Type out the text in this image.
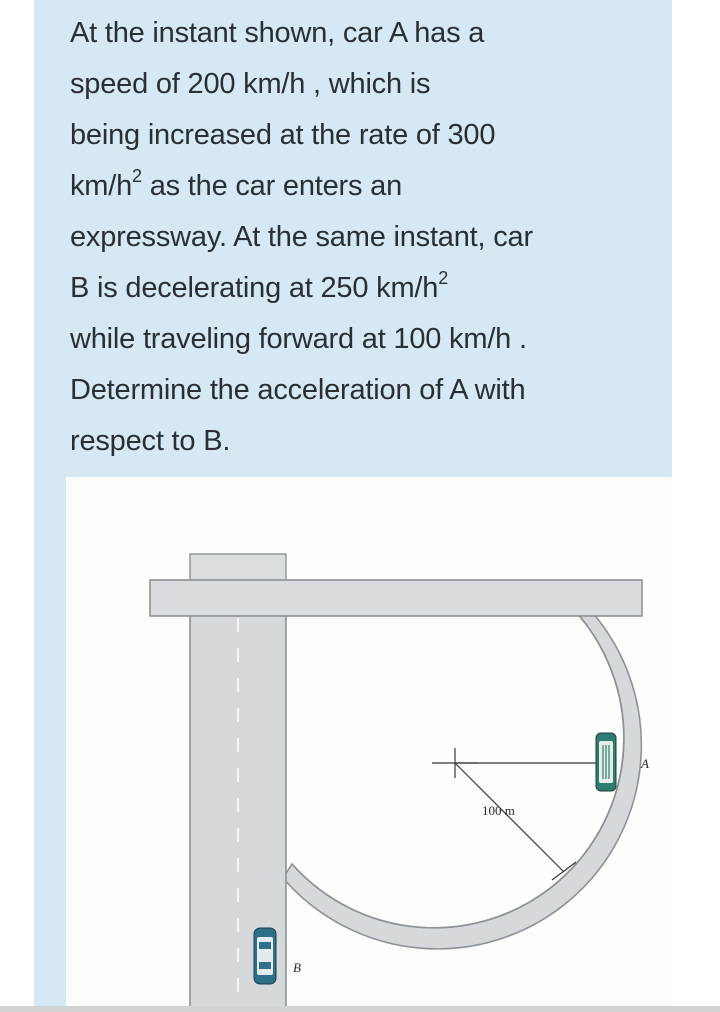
At the instant shown, car A has a
speed of 200 km/h , which is
being increased at the rate of 300
$km/h^2$ as the car enters an
expressway. At the same instant, car
B is decelerating at 250 $km/h^2$
while traveling forward at 100 km/h .
Determine the acceleration of A with
respect to B.
100 m
A
B
